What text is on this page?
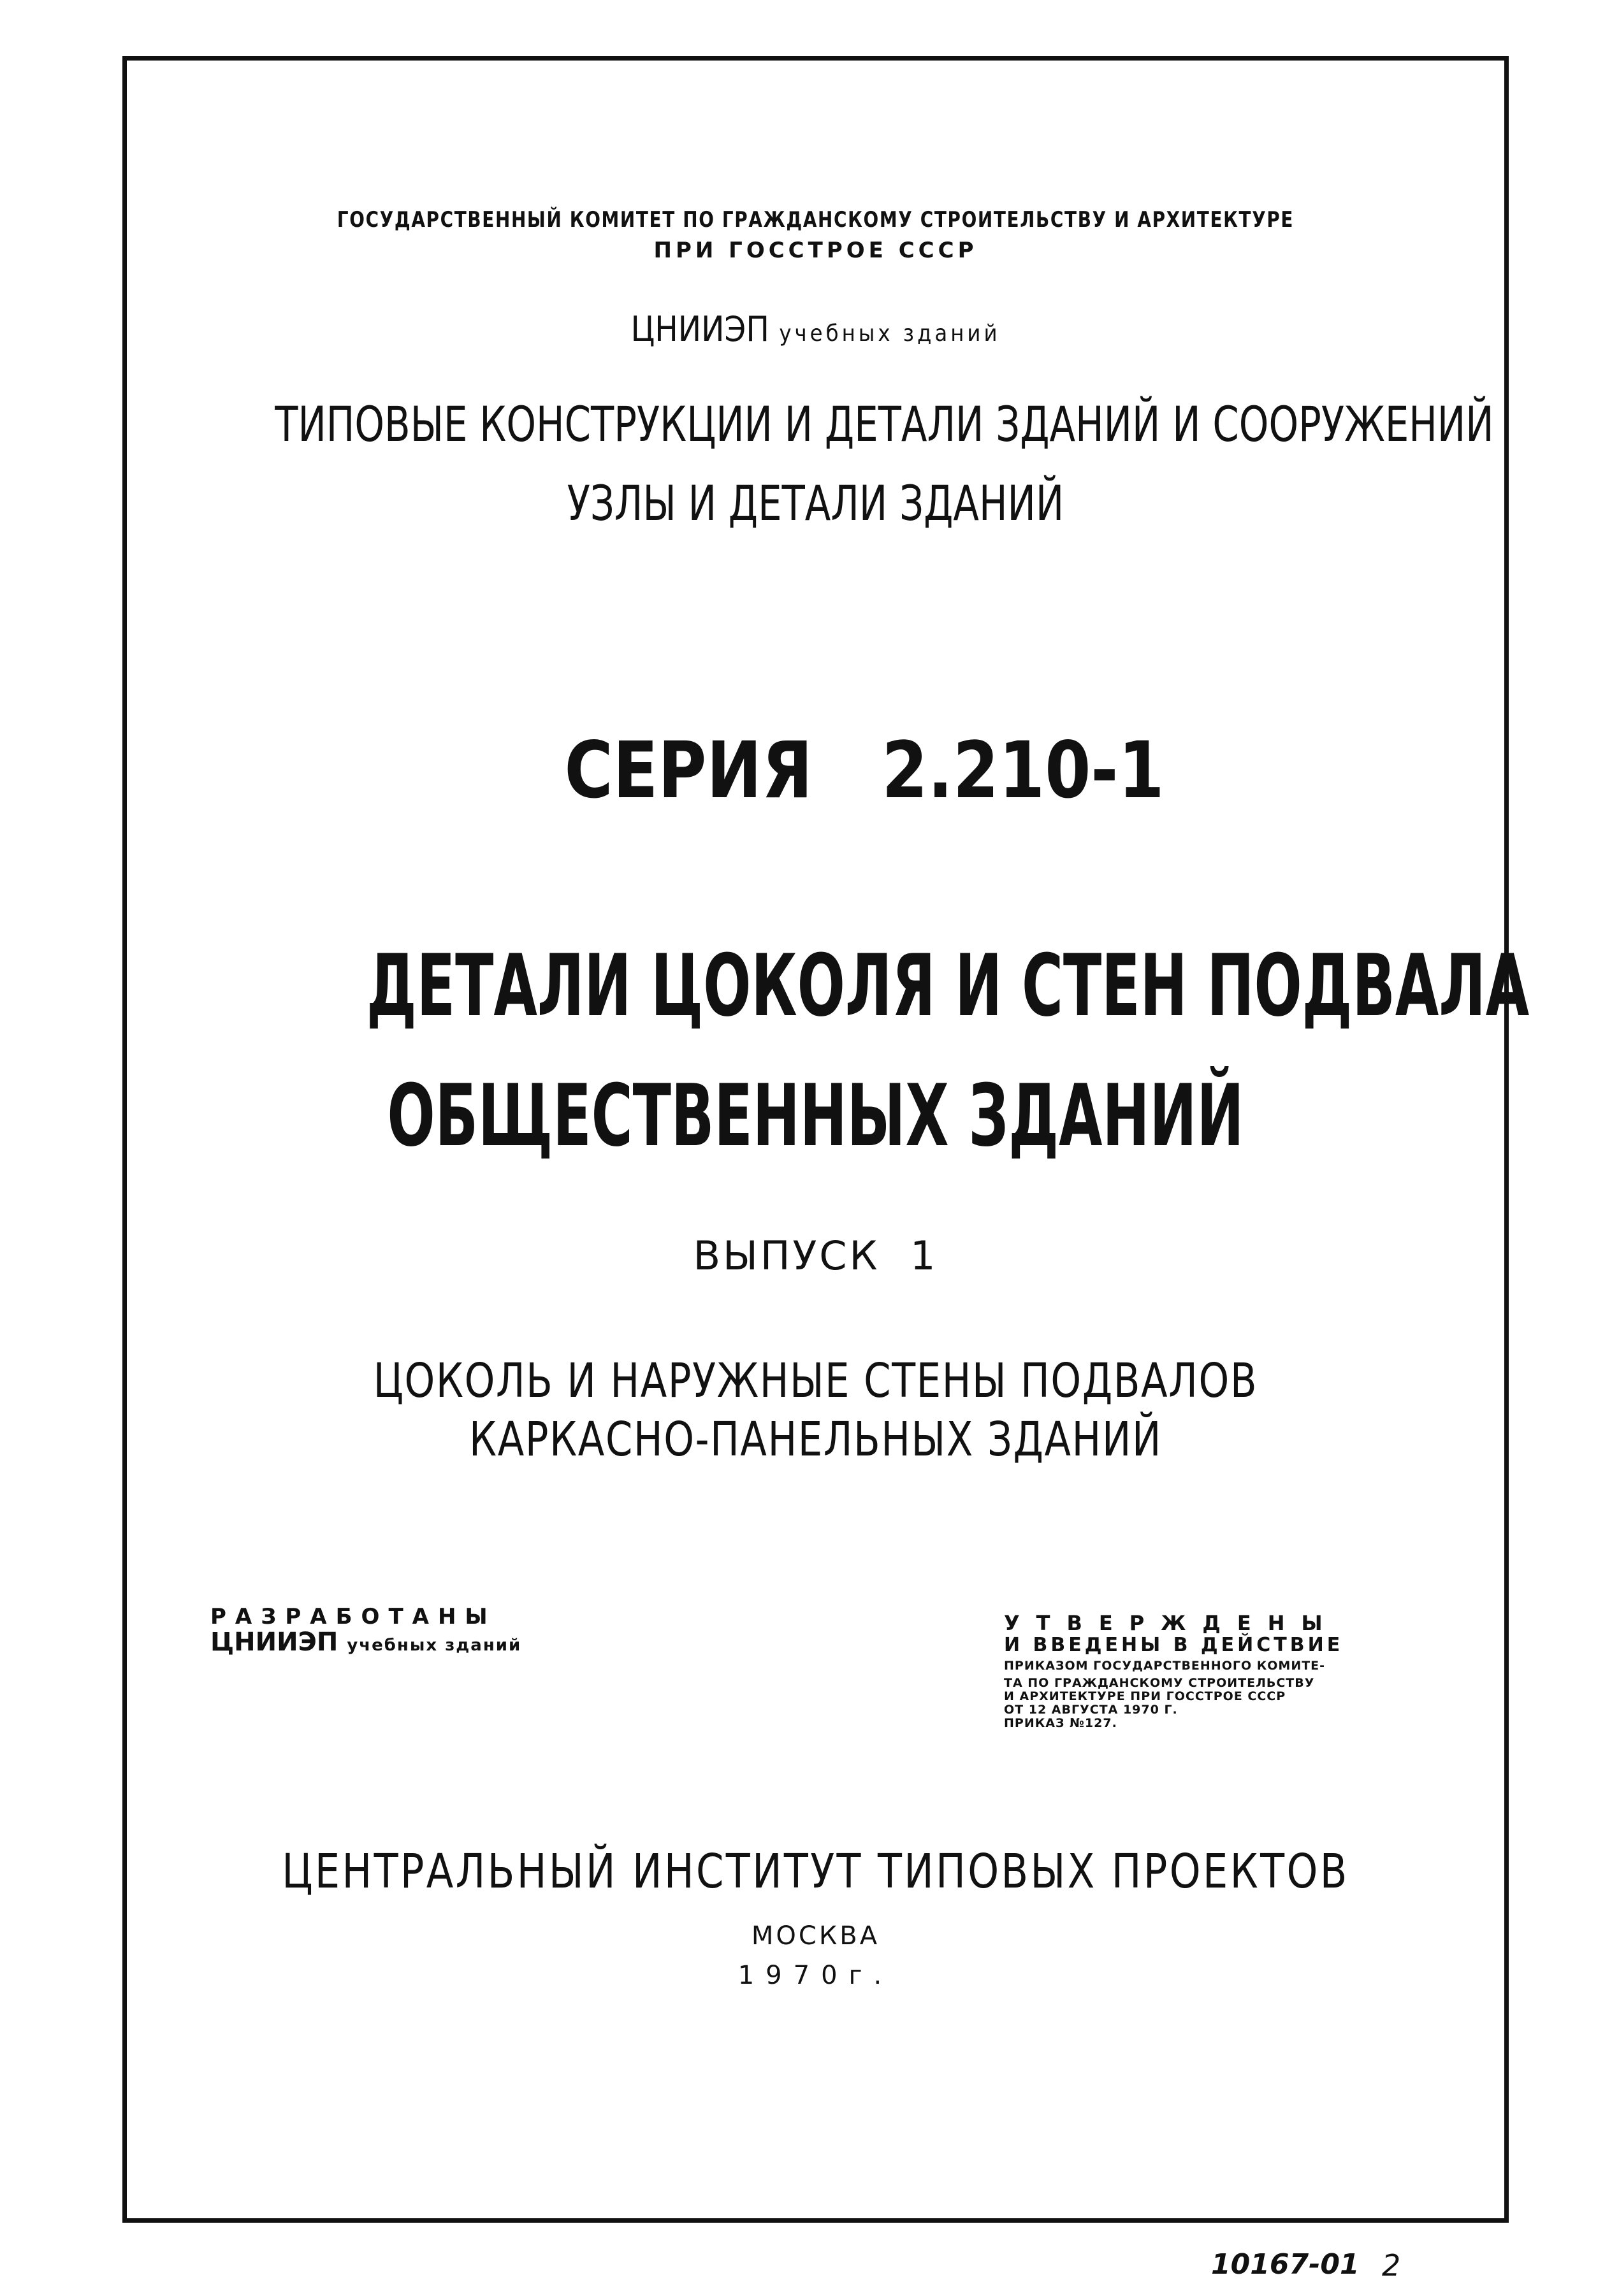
ГОСУДАРСТВЕННЫЙ КОМИТЕТ ПО ГРАЖДАНСКОМУ СТРОИТЕЛЬСТВУ И АРХИТЕКТУРЕ
ПРИ ГОССТРОЕ СССР
ЦНИИЭП учебных зданий
ТИПОВЫЕ КОНСТРУКЦИИ И ДЕТАЛИ ЗДАНИЙ И СООРУЖЕНИЙ
УЗЛЫ И ДЕТАЛИ ЗДАНИЙ
СЕРИЯ   2.210-1
ДЕТАЛИ ЦОКОЛЯ И СТЕН ПОДВАЛА
ОБЩЕСТВЕННЫХ ЗДАНИЙ
ВЫПУСК  1
ЦОКОЛЬ И НАРУЖНЫЕ СТЕНЫ ПОДВАЛОВ
КАРКАСНО-ПАНЕЛЬНЫХ ЗДАНИЙ
РАЗРАБОТАНЫ
ЦНИИЭП учебных зданий
УТВЕРЖДЕНЫ
И ВВЕДЕНЫ В ДЕЙСТВИЕ
ПРИКАЗОМ ГОСУДАРСТВЕННОГО КОМИТЕ-
ТА ПО ГРАЖДАНСКОМУ СТРОИТЕЛЬСТВУ
И АРХИТЕКТУРЕ ПРИ ГОССТРОЕ СССР
ОТ 12 АВГУСТА 1970 Г.
ПРИКАЗ №127.
ЦЕНТРАЛЬНЫЙ ИНСТИТУТ ТИПОВЫХ ПРОЕКТОВ
МОСКВА
1970г.
10167-01 2
